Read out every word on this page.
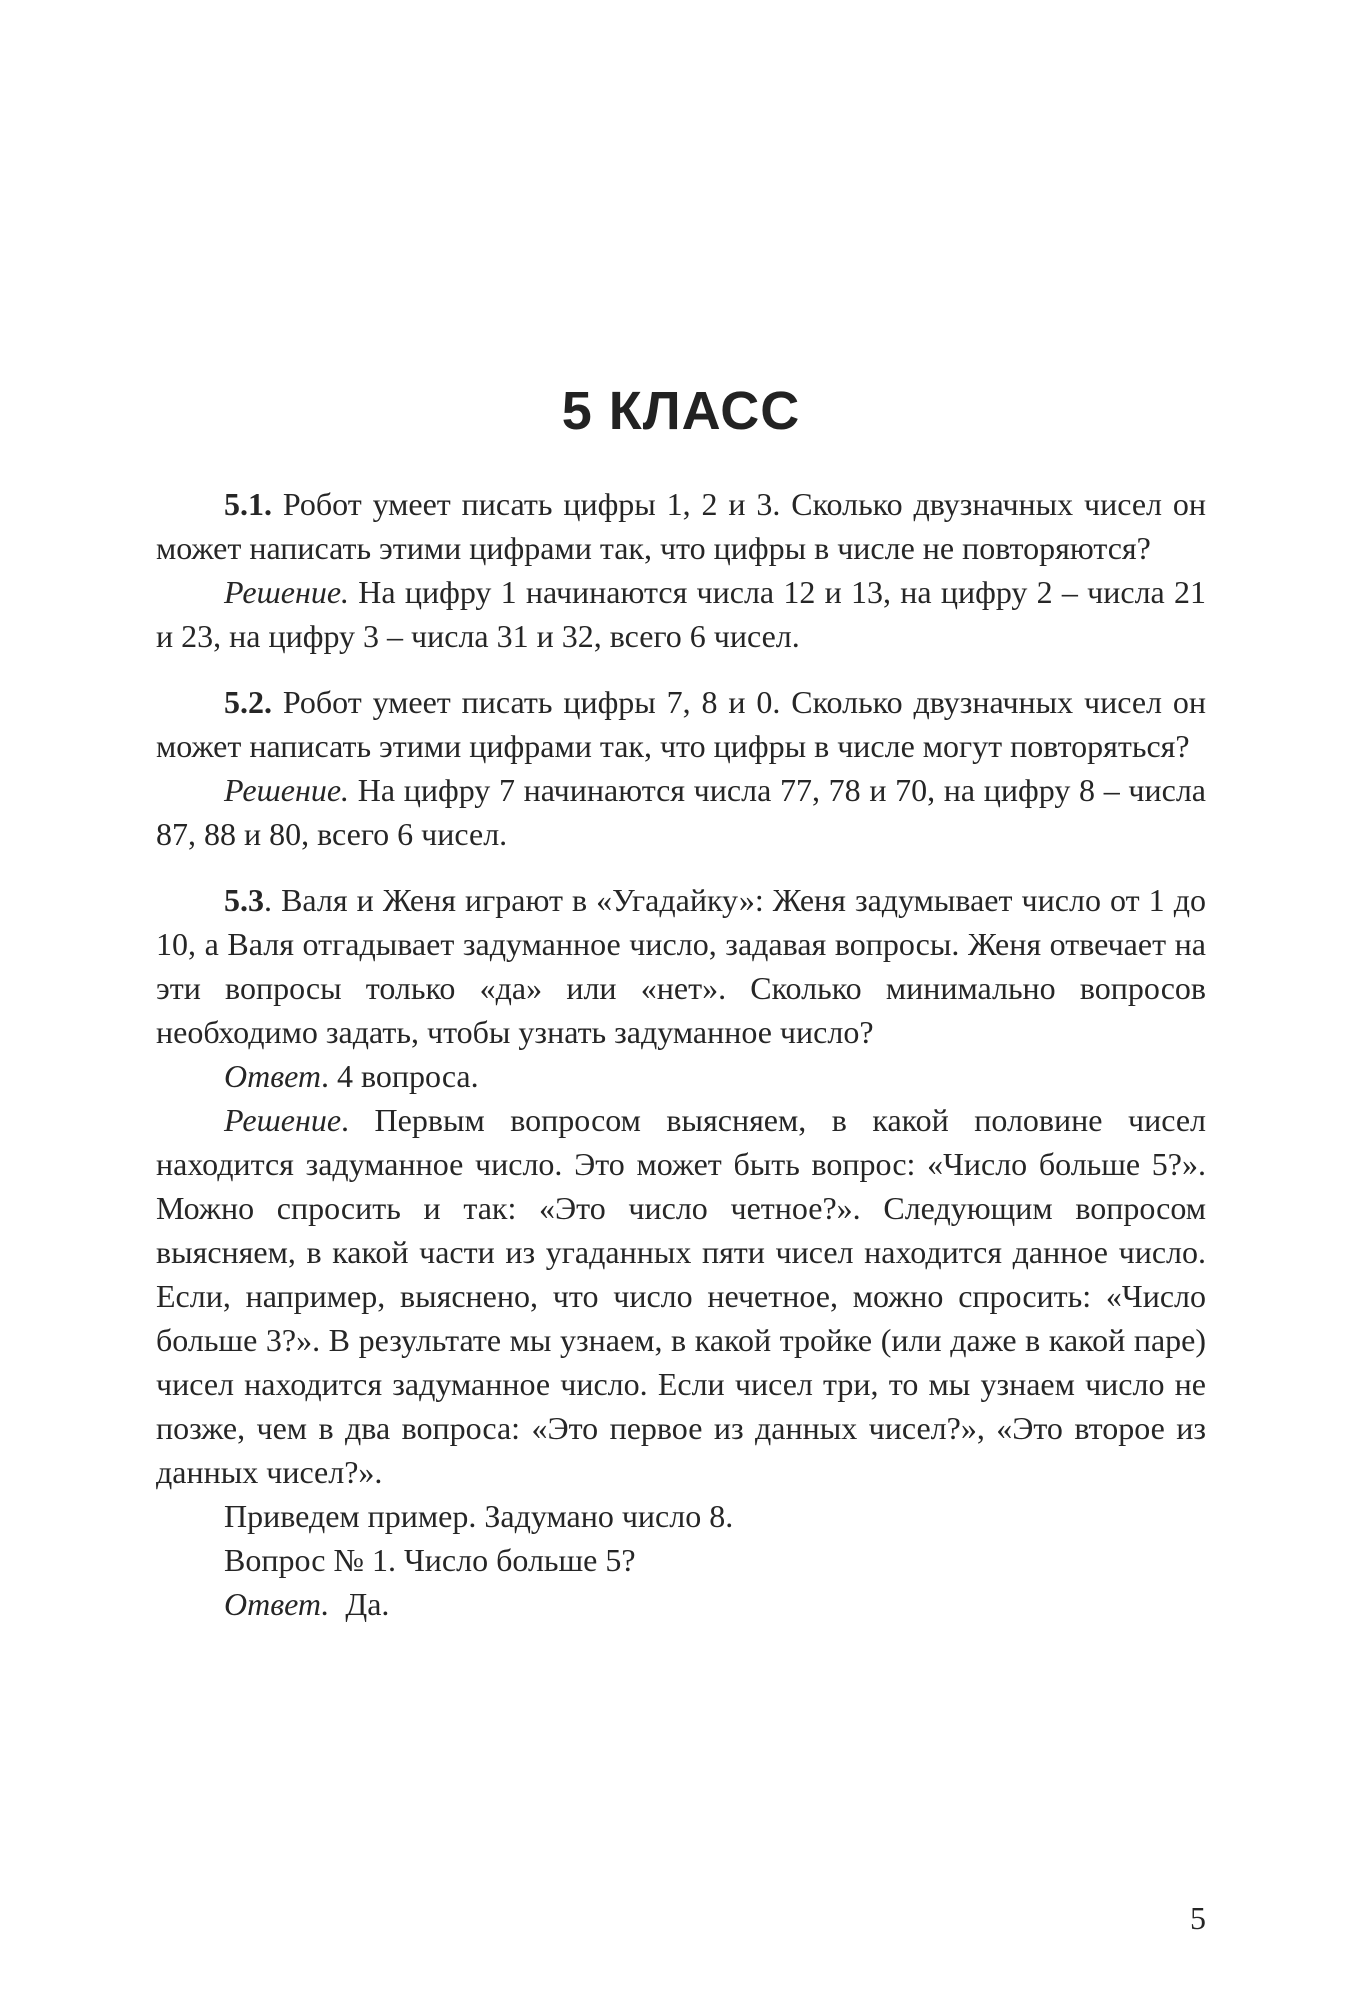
5 КЛАСС

5.1. Робот умеет писать цифры 1, 2 и 3. Сколько двузначных чисел он может написать этими цифрами так, что цифры в числе не повторяются?

Решение. На цифру 1 начинаются числа 12 и 13, на цифру 2 – числа 21 и 23, на цифру 3 – числа 31 и 32, всего 6 чисел.

5.2. Робот умеет писать цифры 7, 8 и 0. Сколько двузначных чисел он может написать этими цифрами так, что цифры в числе могут повторяться?

Решение. На цифру 7 начинаются числа 77, 78 и 70, на цифру 8 – числа 87, 88 и 80, всего 6 чисел.

5.3. Валя и Женя играют в «Угадайку»: Женя задумывает число от 1 до 10, а Валя отгадывает задуманное число, задавая вопросы. Женя отвечает на эти вопросы только «да» или «нет». Сколько минимально вопросов необходимо задать, чтобы узнать задуманное число?

Ответ. 4 вопроса.

Решение. Первым вопросом выясняем, в какой половине чисел находится задуманное число. Это может быть вопрос: «Число больше 5?». Можно спросить и так: «Это число четное?». Следующим вопросом выясняем, в какой части из угаданных пяти чисел находится данное число. Если, например, выяснено, что число нечетное, можно спросить: «Число больше 3?». В результате мы узнаем, в какой тройке (или даже в какой паре) чисел находится задуманное число. Если чисел три, то мы узнаем число не позже, чем в два вопроса: «Это первое из данных чисел?», «Это второе из данных чисел?».

Приведем пример. Задумано число 8.

Вопрос № 1. Число больше 5?

Ответ.  Да.

5
